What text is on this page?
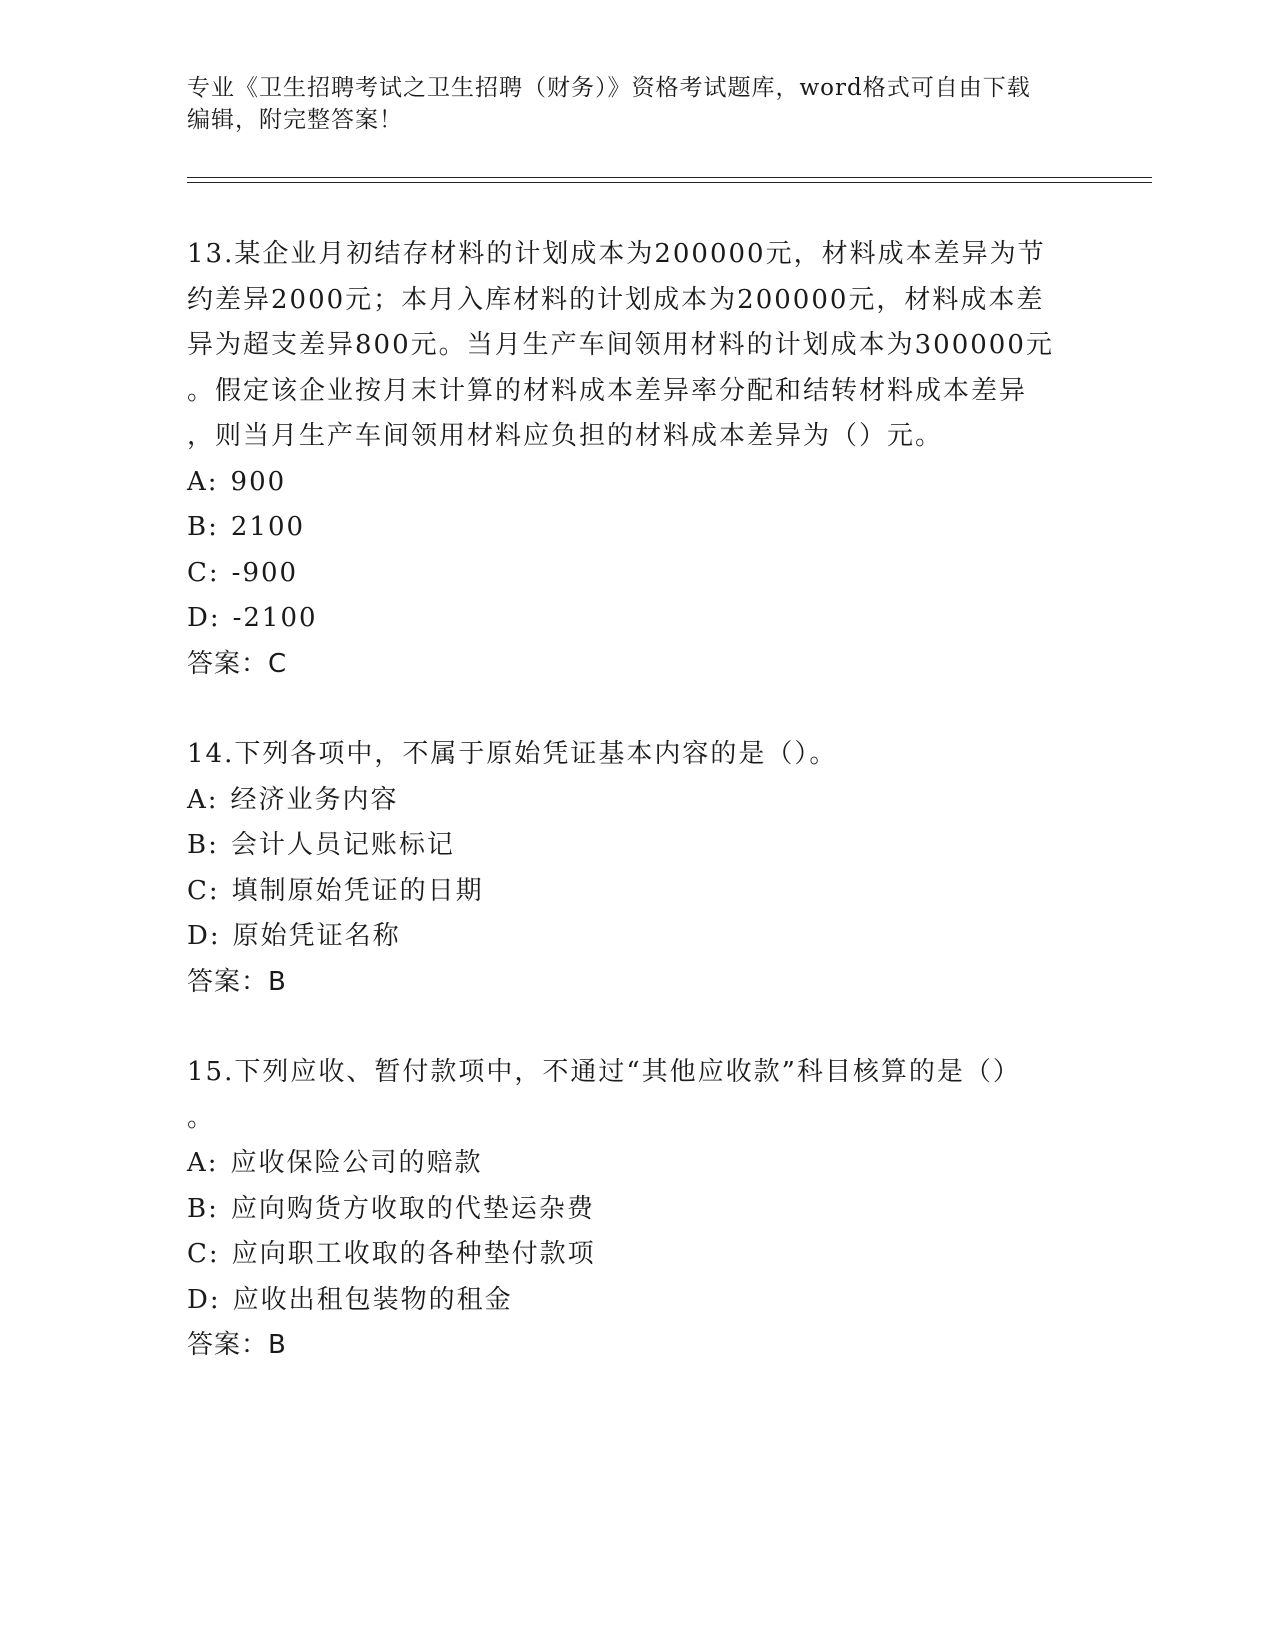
专业《卫生招聘考试之卫生招聘（财务）》资格考试题库，word格式可自由下载

编辑，附完整答案！

13.某企业月初结存材料的计划成本为200000元，材料成本差异为节
约差异2000元；本月入库材料的计划成本为200000元，材料成本差
异为超支差异800元。当月生产车间领用材料的计划成本为300000元
。假定该企业按月末计算的材料成本差异率分配和结转材料成本差异
，则当月生产车间领用材料应负担的材料成本差异为（）元。

A: 900

B: 2100

C: -900

D: -2100

答案：C

14.下列各项中，不属于原始凭证基本内容的是（）。

A: 经济业务内容

B: 会计人员记账标记

C: 填制原始凭证的日期

D: 原始凭证名称

答案：B

15.下列应收、暂付款项中，不通过“其他应收款”科目核算的是（）
。

A: 应收保险公司的赔款

B: 应向购货方收取的代垫运杂费

C: 应向职工收取的各种垫付款项

D: 应收出租包装物的租金

答案：B
